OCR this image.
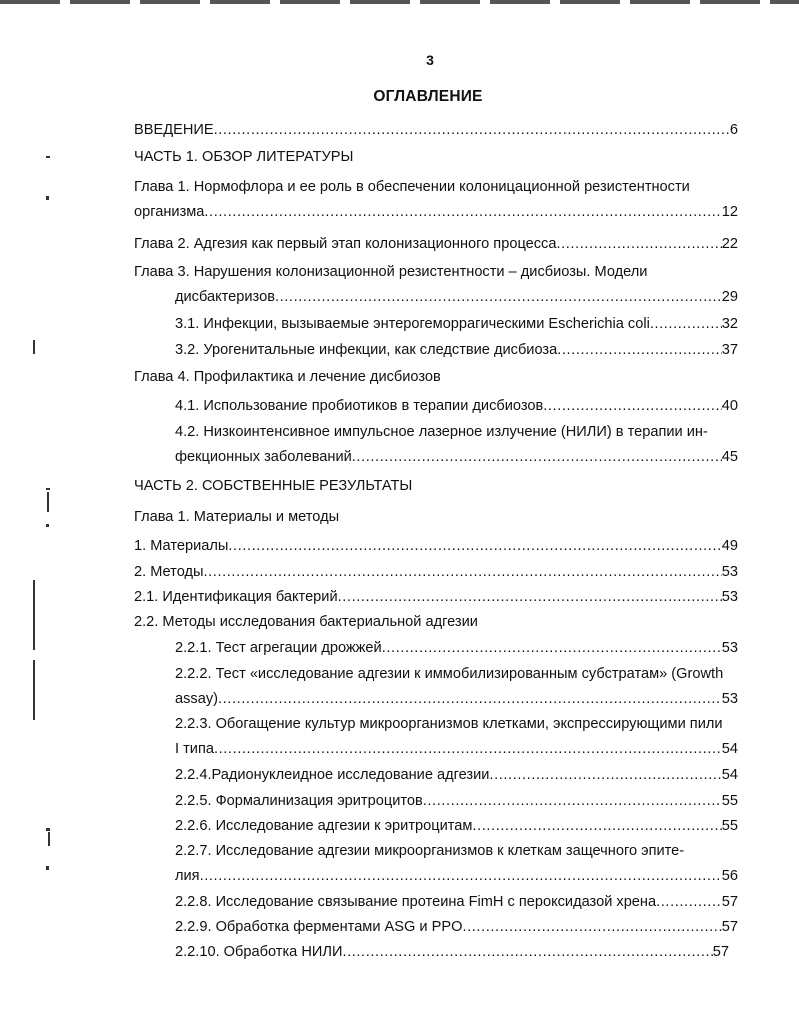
3
ОГЛАВЛЕНИЕ
ВВЕДЕНИЕ .....	6
ЧАСТЬ 1. ОБЗОР ЛИТЕРАТУРЫ
Глава 1. Нормофлора и ее роль в обеспечении колоницационной резистентности
организма .....	12
Глава 2. Адгезия как первый этап колонизационного процесса .....	22
Глава 3. Нарушения колонизационной резистентности – дисбиозы. Модели
дисбактеризов .....	29
3.1. Инфекции, вызываемые энтерогеморрагическими Escherichia coli .....	32
3.2. Урогенитальные инфекции, как следствие дисбиоза .....	37
Глава 4. Профилактика и лечение дисбиозов
4.1. Использование пробиотиков в терапии дисбиозов .....	40
4.2. Низкоинтенсивное импульсное лазерное излучение (НИЛИ) в терапии ин-
фекционных заболеваний .....	45
ЧАСТЬ 2. СОБСТВЕННЫЕ РЕЗУЛЬТАТЫ
Глава 1. Материалы и методы
1. Материалы .....	49
2. Методы .....	53
2.1. Идентификация бактерий .....	53
2.2. Методы исследования бактериальной адгезии
2.2.1. Тест агрегации дрожжей .....	53
2.2.2. Тест «исследование адгезии к иммобилизированным субстратам» (Growth
assay) .....	53
2.2.3. Обогащение культур микроорганизмов клетками, экспрессирующими пили
I типа .....	54
2.2.4.Радионуклеидное исследование адгезии .....	54
2.2.5. Формалинизация эритроцитов .....	55
2.2.6. Исследование адгезии к эритроцитам .....	55
2.2.7. Исследование адгезии микроорганизмов к клеткам защечного эпите-
лия .....	56
2.2.8. Исследование связывание протеина FimH с пероксидазой хрена .....	57
2.2.9. Обработка ферментами ASG и PPO .....	57
2.2.10. Обработка НИЛИ .....	57
